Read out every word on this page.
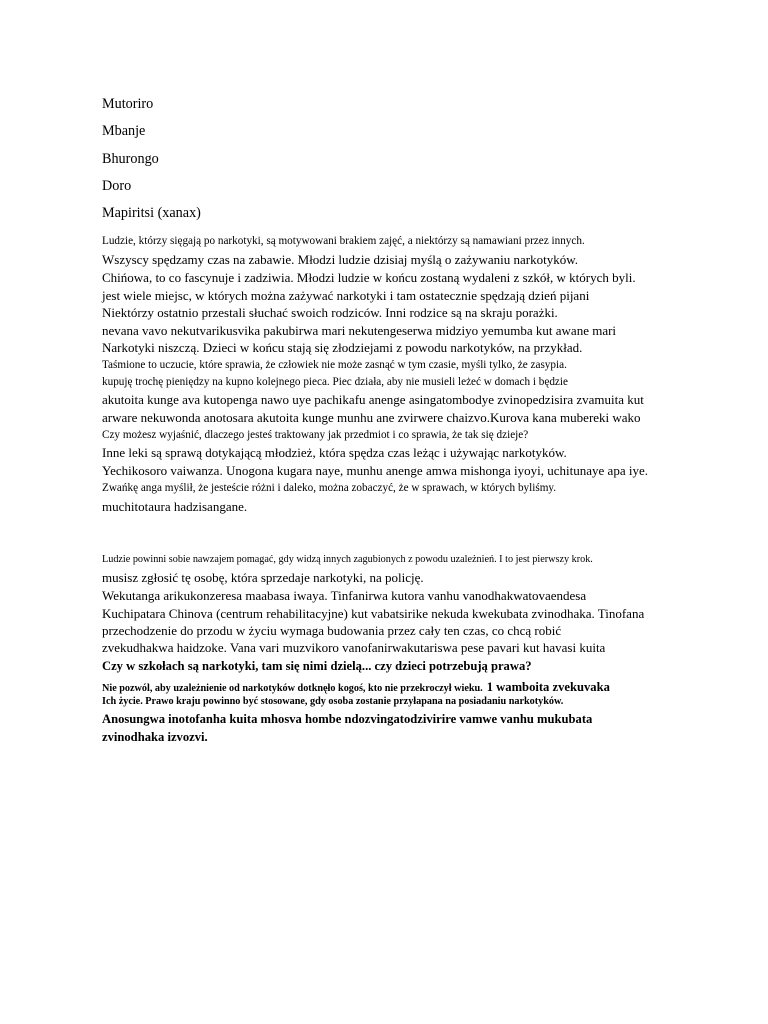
Mutoriro
Mbanje
Bhurongo
Doro
Mapiritsi (xanax)
Ludzie, którzy sięgają po narkotyki, są motywowani brakiem zajęć, a niektórzy są namawiani przez innych.
Wszyscy spędzamy czas na zabawie. Młodzi ludzie dzisiaj myślą o zażywaniu narkotyków.
Chińowa, to co fascynuje i zadziwia. Młodzi ludzie w końcu zostaną wydaleni z szkół, w których byli.
jest wiele miejsc, w których można zażywać narkotyki i tam ostatecznie spędzają dzień pijani
Niektórzy ostatnio przestali słuchać swoich rodziców. Inni rodzice są na skraju porażki.
nevana vavo nekutvarikusvika pakubirwa mari nekutengeserwa midziyo yemumba kut awane mari
Narkotyki niszczą. Dzieci w końcu stają się złodziejami z powodu narkotyków, na przykład.
Taśmione to uczucie, które sprawia, że człowiek nie może zasnąć w tym czasie, myśli tylko, że zasypia.
kupuję trochę pieniędzy na kupno kolejnego pieca. Piec działa, aby nie musieli leżeć w domach i będzie
akutoita kunge ava kutopenga nawo uye pachikafu anenge asingatombodye zvinopedzisira zvamuita kut
arware nekuwonda anotosara akutoita kunge munhu ane zvirwere chaizvo.Kurova kana mubereki wako
Czy możesz wyjaśnić, dlaczego jesteś traktowany jak przedmiot i co sprawia, że tak się dzieje?
Inne leki są sprawą dotykającą młodzież, która spędza czas leżąc i używając narkotyków.
Yechikosoro vaiwanza. Unogona kugara naye, munhu anenge amwa mishonga iyoyi, uchitunaye apa iye.
Zwańkę anga myślił, że jesteście różni i daleko, można zobaczyć, że w sprawach, w których byliśmy.
muchitotaura hadzisangane.
Ludzie powinni sobie nawzajem pomagać, gdy widzą innych zagubionych z powodu uzależnień. I to jest pierwszy krok.
musisz zgłosić tę osobę, która sprzedaje narkotyki, na policję.
Wekutanga arikukonzeresa maabasa iwaya. Tinfanirwa kutora vanhu vanodhakwatovaendesa
Kuchipatara Chinova (centrum rehabilitacyjne) kut vabatsirike nekuda kwekubata zvinodhaka. Tinofana
przechodzenie do przodu w życiu wymaga budowania przez cały ten czas, co chcą robić
zvekudhakwa haidzoke. Vana vari muzvikoro vanofanirwakutariswa pese pavari kut havasi kuita
Czy w szkołach są narkotyki, tam się nimi dzielą... czy dzieci potrzebują prawa?
Nie pozwól, aby uzależnienie od narkotyków dotknęło kogoś, kto nie przekroczył wieku. 1 wamboita zvekuvaka
Ich życie. Prawo kraju powinno być stosowane, gdy osoba zostanie przyłapana na posiadaniu narkotyków.
Anosungwa inotofanha kuita mhosva hombe ndozvingatodzivirire vamwe vanhu mukubata
zvinodhaka izvozvi.
